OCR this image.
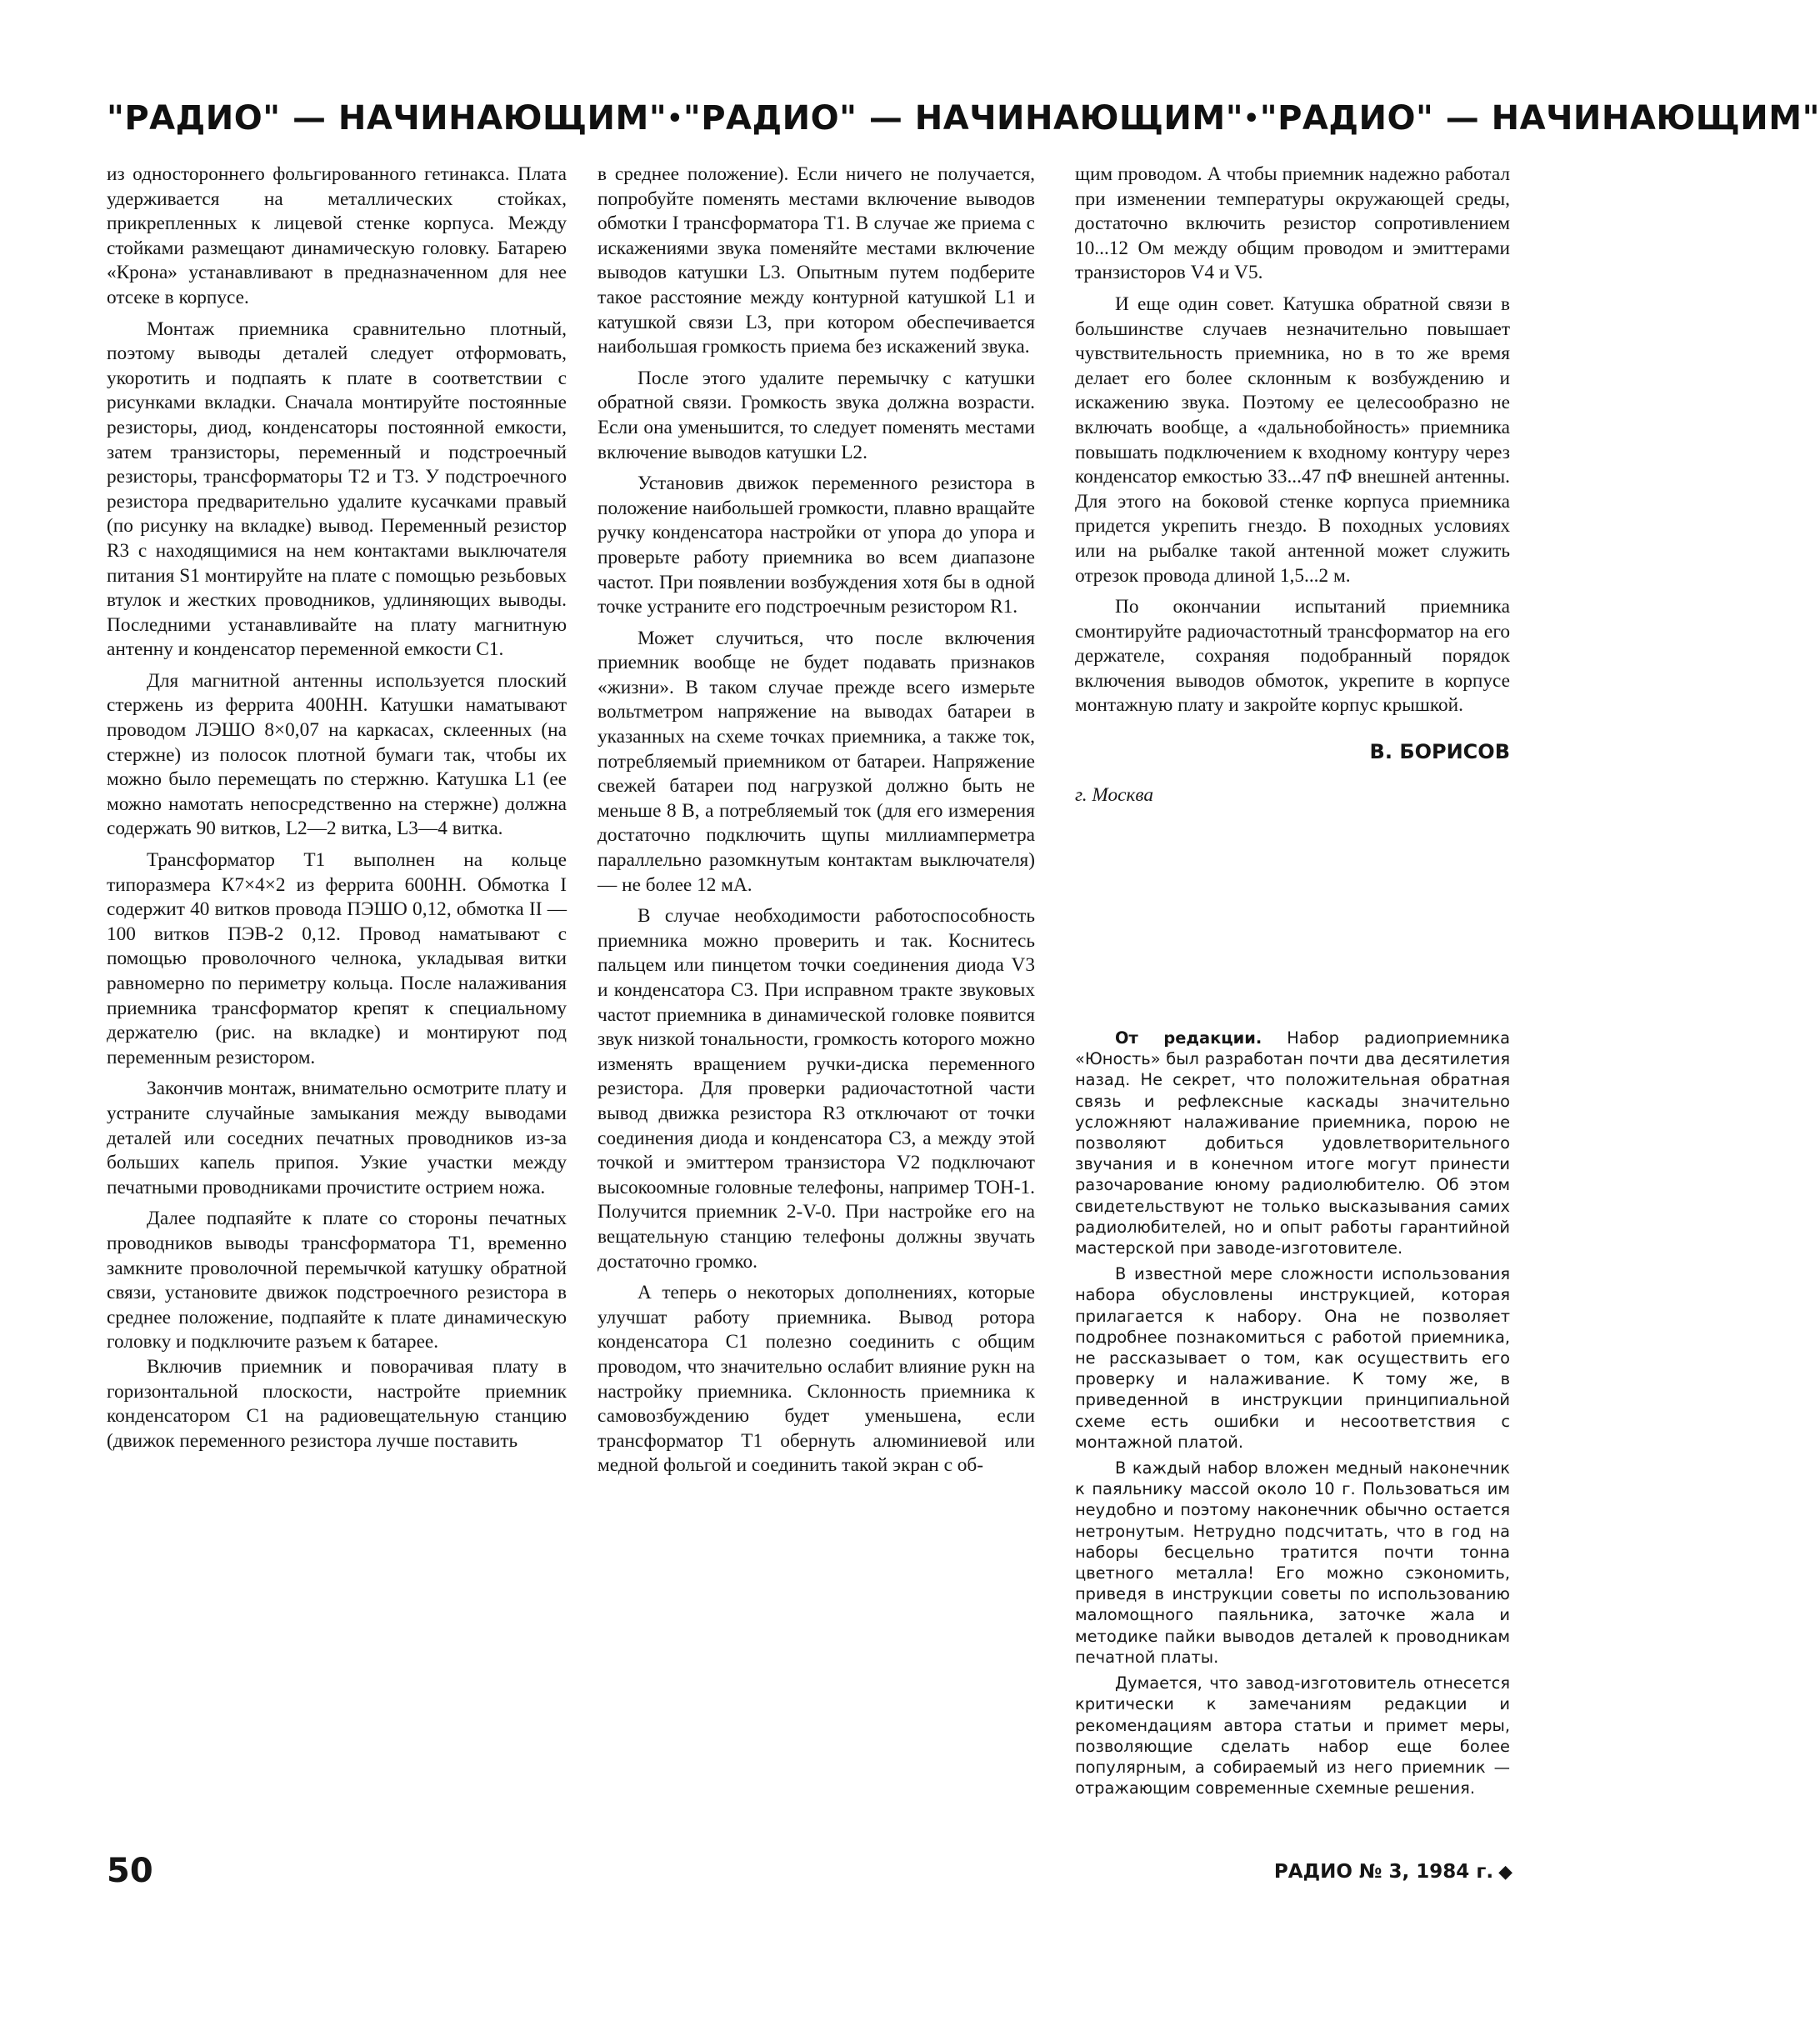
"РАДИО" — НАЧИНАЮЩИМ" • "РАДИО" — НАЧИНАЮЩИМ" • "РАДИО" — НАЧИНАЮЩИМ"

из одностороннего фольгированного гетинакса. Плата удерживается на металлических стойках, прикрепленных к лицевой стенке корпуса. Между стойками размещают динамическую головку. Батарею «Крона» устанавливают в предназначенном для нее отсеке в корпусе.

Монтаж приемника сравнительно плотный, поэтому выводы деталей следует отформовать, укоротить и подпаять к плате в соответствии с рисунками вкладки. Сначала монтируйте постоянные резисторы, диод, конденсаторы постоянной емкости, затем транзисторы, переменный и подстроечный резисторы, трансформаторы Т2 и Т3. У подстроечного резистора предварительно удалите кусачками правый (по рисунку на вкладке) вывод. Переменный резистор R3 с находящимися на нем контактами выключателя питания S1 монтируйте на плате с помощью резьбовых втулок и жестких проводников, удлиняющих выводы. Последними устанавливайте на плату магнитную антенну и конденсатор переменной емкости С1.

Для магнитной антенны используется плоский стержень из феррита 400НН. Катушки наматывают проводом ЛЭШО 8×0,07 на каркасах, склеенных (на стержне) из полосок плотной бумаги так, чтобы их можно было перемещать по стержню. Катушка L1 (ее можно намотать непосредственно на стержне) должна содержать 90 витков, L2—2 витка, L3—4 витка.

Трансформатор Т1 выполнен на кольце типоразмера К7×4×2 из феррита 600НН. Обмотка I содержит 40 витков провода ПЭШО 0,12, обмотка II — 100 витков ПЭВ-2 0,12. Провод наматывают с помощью проволочного челнока, укладывая витки равномерно по периметру кольца. После налаживания приемника трансформатор крепят к специальному держателю (рис. на вкладке) и монтируют под переменным резистором.

Закончив монтаж, внимательно осмотрите плату и устраните случайные замыкания между выводами деталей или соседних печатных проводников из-за больших капель припоя. Узкие участки между печатными проводниками прочистите острием ножа.

Далее подпаяйте к плате со стороны печатных проводников выводы трансформатора Т1, временно замкните проволочной перемычкой катушку обратной связи, установите движок подстроечного резистора в среднее положение, подпаяйте к плате динамическую головку и подключите разъем к батарее.

Включив приемник и поворачивая плату в горизонтальной плоскости, настройте приемник конденсатором С1 на радиовещательную станцию (движок переменного резистора лучше поставить

в среднее положение). Если ничего не получается, попробуйте поменять местами включение выводов обмотки I трансформатора Т1. В случае же приема с искажениями звука поменяйте местами включение выводов катушки L3. Опытным путем подберите такое расстояние между контурной катушкой L1 и катушкой связи L3, при котором обеспечивается наибольшая громкость приема без искажений звука.

После этого удалите перемычку с катушки обратной связи. Громкость звука должна возрасти. Если она уменьшится, то следует поменять местами включение выводов катушки L2.

Установив движок переменного резистора в положение наибольшей громкости, плавно вращайте ручку конденсатора настройки от упора до упора и проверьте работу приемника во всем диапазоне частот. При появлении возбуждения хотя бы в одной точке устраните его подстроечным резистором R1.

Может случиться, что после включения приемник вообще не будет подавать признаков «жизни». В таком случае прежде всего измерьте вольтметром напряжение на выводах батареи в указанных на схеме точках приемника, а также ток, потребляемый приемником от батареи. Напряжение свежей батареи под нагрузкой должно быть не меньше 8 В, а потребляемый ток (для его измерения достаточно подключить щупы миллиамперметра параллельно разомкнутым контактам выключателя) — не более 12 мА.

В случае необходимости работоспособность приемника можно проверить и так. Коснитесь пальцем или пинцетом точки соединения диода V3 и конденсатора С3. При исправном тракте звуковых частот приемника в динамической головке появится звук низкой тональности, громкость которого можно изменять вращением ручки-диска переменного резистора. Для проверки радиочастотной части вывод движка резистора R3 отключают от точки соединения диода и конденсатора С3, а между этой точкой и эмиттером транзистора V2 подключают высокоомные головные телефоны, например ТОН-1. Получится приемник 2-V-0. При настройке его на вещательную станцию телефоны должны звучать достаточно громко.

А теперь о некоторых дополнениях, которые улучшат работу приемника. Вывод ротора конденсатора С1 полезно соединить с общим проводом, что значительно ослабит влияние рукн на настройку приемника. Склонность приемника к самовозбуждению будет уменьшена, если трансформатор Т1 обернуть алюминиевой или медной фольгой и соединить такой экран с об-

щим проводом. А чтобы приемник надежно работал при изменении температуры окружающей среды, достаточно включить резистор сопротивлением 10...12 Ом между общим проводом и эмиттерами транзисторов V4 и V5.

И еще один совет. Катушка обратной связи в большинстве случаев незначительно повышает чувствительность приемника, но в то же время делает его более склонным к возбуждению и искажению звука. Поэтому ее целесообразно не включать вообще, а «дальнобойность» приемника повышать подключением к входному контуру через конденсатор емкостью 33...47 пФ внешней антенны. Для этого на боковой стенке корпуса приемника придется укрепить гнездо. В походных условиях или на рыбалке такой антенной может служить отрезок провода длиной 1,5...2 м.

По окончании испытаний приемника смонтируйте радиочастотный трансформатор на его держателе, сохраняя подобранный порядок включения выводов обмоток, укрепите в корпусе монтажную плату и закройте корпус крышкой.

В. БОРИСОВ

г. Москва

От редакции. Набор радиоприемника «Юность» был разработан почти два десятилетия назад. Не секрет, что положительная обратная связь и рефлексные каскады значительно усложняют налаживание приемника, порою не позволяют добиться удовлетворительного звучания и в конечном итоге могут принести разочарование юному радиолюбителю. Об этом свидетельствуют не только высказывания самих радиолюбителей, но и опыт работы гарантийной мастерской при заводе-изготовителе.

В известной мере сложности использования набора обусловлены инструкцией, которая прилагается к набору. Она не позволяет подробнее познакомиться с работой приемника, не рассказывает о том, как осуществить его проверку и налаживание. К тому же, в приведенной в инструкции принципиальной схеме есть ошибки и несоответствия с монтажной платой.

В каждый набор вложен медный наконечник к паяльнику массой около 10 г. Пользоваться им неудобно и поэтому наконечник обычно остается нетронутым. Нетрудно подсчитать, что в год на наборы бесцельно тратится почти тонна цветного металла! Его можно сэкономить, приведя в инструкции советы по использованию маломощного паяльника, заточке жала и методике пайки выводов деталей к проводникам печатной платы.

Думается, что завод-изготовитель отнесется критически к замечаниям редакции и рекомендациям автора статьи и примет меры, позволяющие сделать набор еще более популярным, а собираемый из него приемник — отражающим современные схемные решения.

50	РАДИО № 3, 1984 г. ◆
